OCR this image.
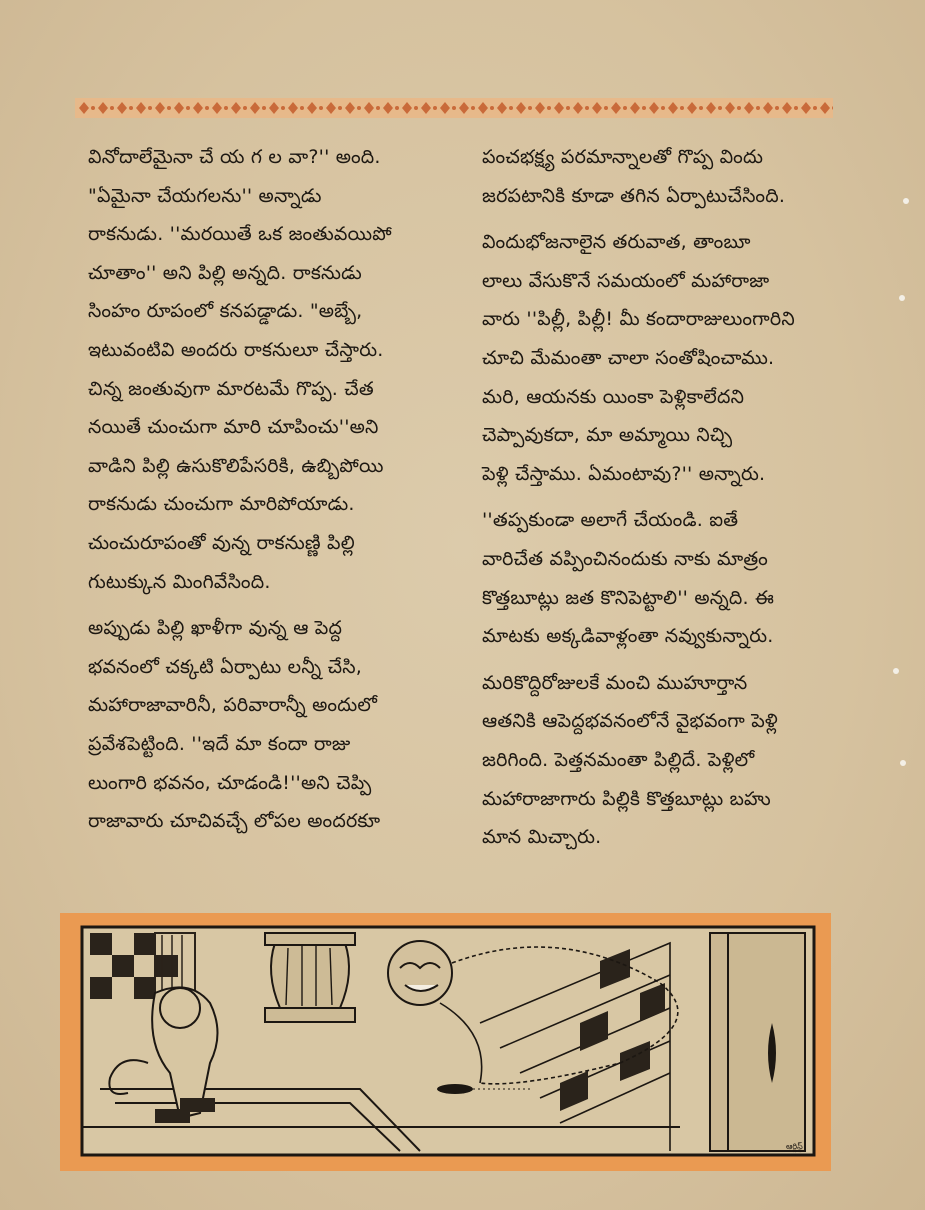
వినోదాలేమైనా చే య గ ల వా?'' అంది.
"ఏమైనా చేయగలను'' అన్నాడు
రాకనుడు. ''మరయితే ఒక జంతువయిపో
చూతాం'' అని పిల్లి అన్నది. రాకనుడు
సింహం రూపంలో కనపడ్డాడు. "అబ్బే,
ఇటువంటివి అందరు రాకనులూ చేస్తారు.
చిన్న జంతువుగా మారటమే గొప్ప. చేత
నయితే చుంచుగా మారి చూపించు''అని
వాడిని పిల్లి ఉసుకొలిపేసరికి, ఉబ్బిపోయి
రాకనుడు చుంచుగా మారిపోయాడు.
చుంచురూపంతో వున్న రాకనుణ్ణి పిల్లి
గుటుక్కున మింగివేసింది.
అప్పుడు పిల్లి ఖాళీగా వున్న ఆ పెద్ద
భవనంలో చక్కటి ఏర్పాటు లన్నీ చేసి,
మహారాజావారినీ, పరివారాన్నీ అందులో
ప్రవేశపెట్టింది. ''ఇదే మా కందా రాజు
లుంగారి భవనం, చూడండి!''అని చెప్పి
రాజావారు చూచివచ్చే లోపల అందరకూ
పంచభక్ష్య పరమాన్నాలతో గొప్ప విందు
జరపటానికి కూడా తగిన ఏర్పాటుచేసింది.
విందుభోజనాలైన తరువాత, తాంబూ
లాలు వేసుకొనే సమయంలో మహారాజా
వారు ''పిల్లీ, పిల్లీ! మీ కందారాజులుంగారిని
చూచి మేమంతా చాలా సంతోషించాము.
మరి, ఆయనకు యింకా పెళ్లికాలేదని
చెప్పావుకదా, మా అమ్మాయి నిచ్చి
పెళ్లి చేస్తాము. ఏమంటావు?'' అన్నారు.
''తప్పకుండా అలాగే చేయండి. ఐతే
వారిచేత వప్పించినందుకు నాకు మాత్రం
కొత్తబూట్లు జత కొనిపెట్టాలి'' అన్నది. ఈ
మాటకు అక్కడివాళ్లంతా నవ్వుకున్నారు.
మరికొద్దిరోజులకే మంచి ముహూర్తాన
ఆతనికి ఆపెద్దభవనంలోనే వైభవంగా పెళ్లి
జరిగింది. పెత్తనమంతా పిల్లిదే. పెళ్లిలో
మహారాజాగారు పిల్లికి కొత్తబూట్లు బహు
మాన మిచ్చారు.
ఆర్టిస్ట్
